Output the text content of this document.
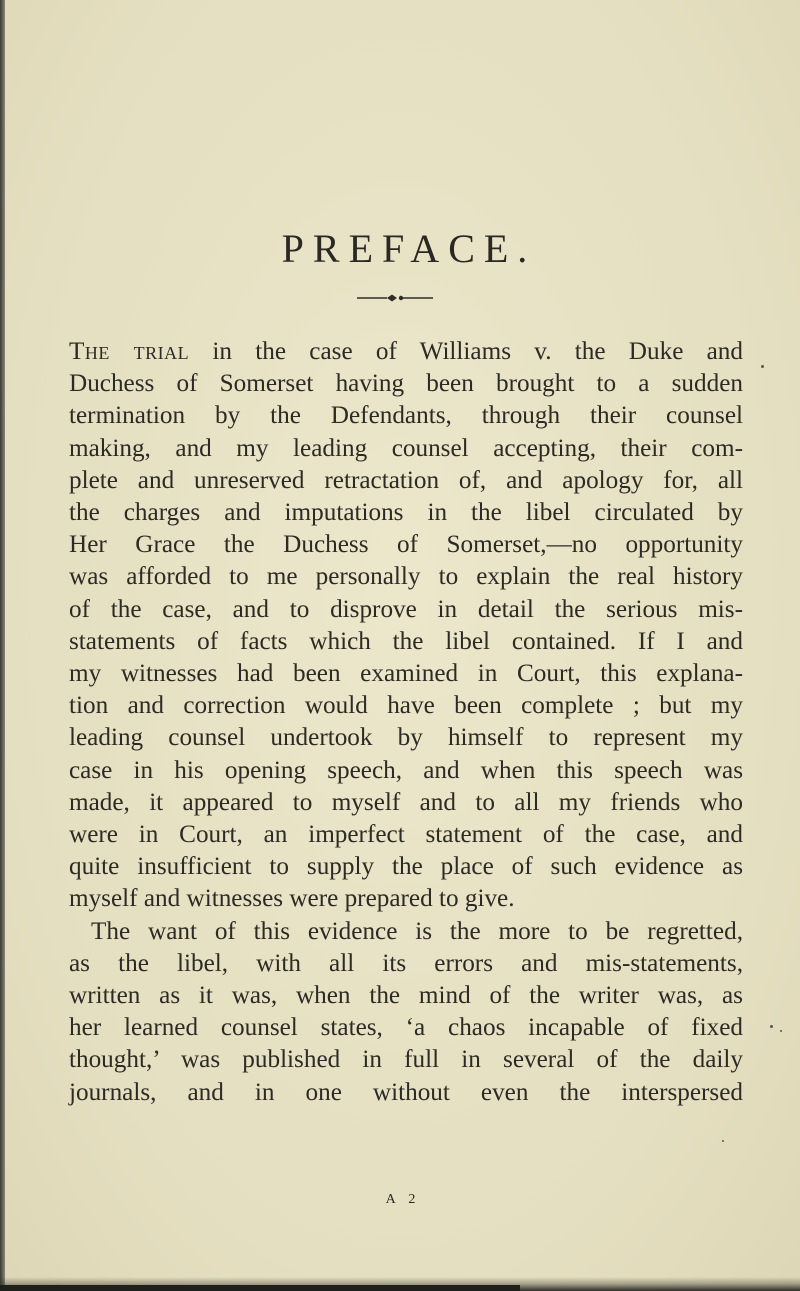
PREFACE.
The trial in the case of Williams v. the Duke and
Duchess of Somerset having been brought to a sudden
termination by the Defendants, through their counsel
making, and my leading counsel accepting, their com-
plete and unreserved retractation of, and apology for, all
the charges and imputations in the libel circulated by
Her Grace the Duchess of Somerset,—no opportunity
was afforded to me personally to explain the real history
of the case, and to disprove in detail the serious mis-
statements of facts which the libel contained. If I and
my witnesses had been examined in Court, this explana-
tion and correction would have been complete ; but my
leading counsel undertook by himself to represent my
case in his opening speech, and when this speech was
made, it appeared to myself and to all my friends who
were in Court, an imperfect statement of the case, and
quite insufficient to supply the place of such evidence as
myself and witnesses were prepared to give.
The want of this evidence is the more to be regretted,
as the libel, with all its errors and mis-statements,
written as it was, when the mind of the writer was, as
her learned counsel states, ‘a chaos incapable of fixed
thought,’ was published in full in several of the daily
journals, and in one without even the interspersed
A 2
